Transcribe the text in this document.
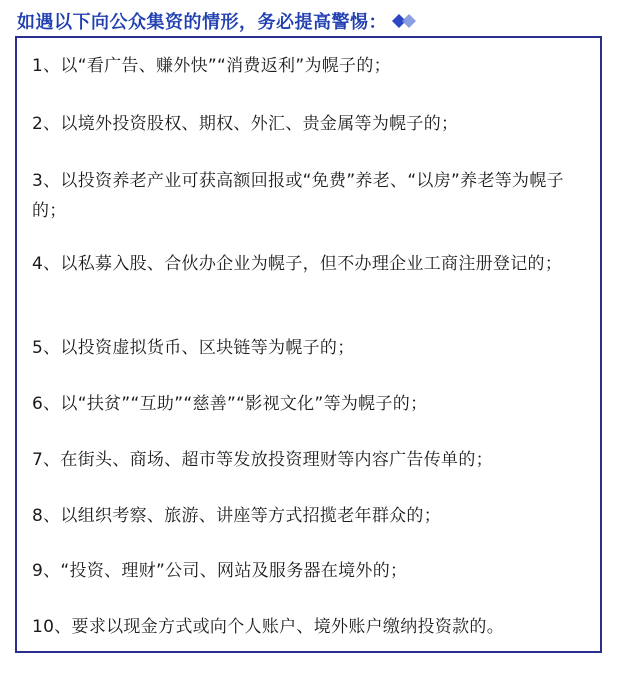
如遇以下向公众集资的情形，务必提高警惕：
1、以“看广告、赚外快”“消费返利”为幌子的；
2、以境外投资股权、期权、外汇、贵金属等为幌子的；
3、以投资养老产业可获高额回报或“免费”养老、“以房”养老等为幌子的；
4、以私募入股、合伙办企业为幌子，但不办理企业工商注册登记的；
5、以投资虚拟货币、区块链等为幌子的；
6、以“扶贫”“互助”“慈善”“影视文化”等为幌子的；
7、在街头、商场、超市等发放投资理财等内容广告传单的；
8、以组织考察、旅游、讲座等方式招揽老年群众的；
9、“投资、理财”公司、网站及服务器在境外的；
10、要求以现金方式或向个人账户、境外账户缴纳投资款的。
